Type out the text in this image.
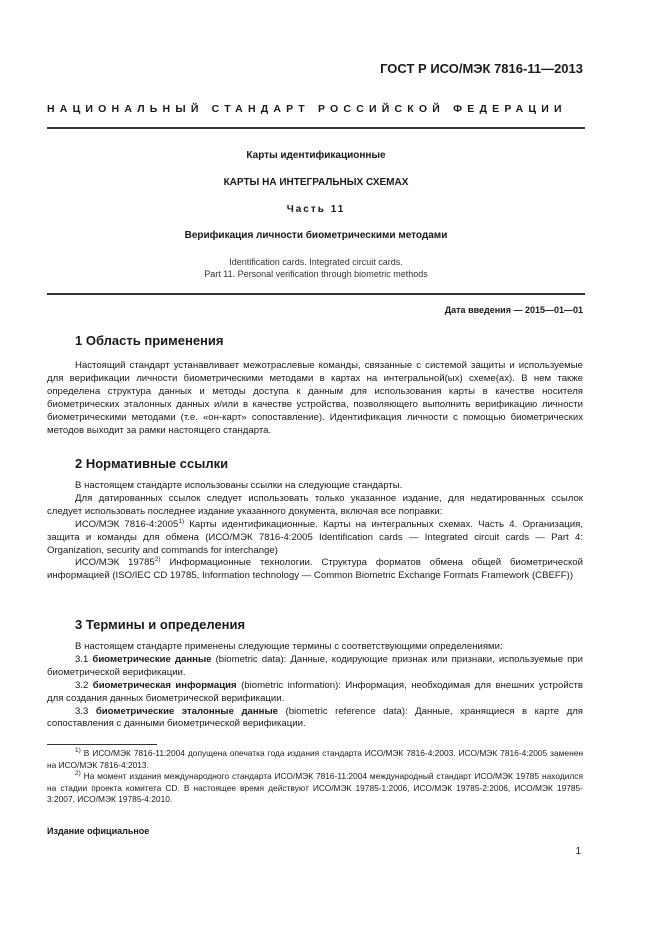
ГОСТ Р ИСО/МЭК 7816-11—2013
НАЦИОНАЛЬНЫЙ СТАНДАРТ РОССИЙСКОЙ ФЕДЕРАЦИИ
Карты идентификационные
КАРТЫ НА ИНТЕГРАЛЬНЫХ СХЕМАХ
Часть 11
Верификация личности биометрическими методами
Identification cards. Integrated circuit cards.
Part 11. Personal verification through biometric methods
Дата введения — 2015—01—01
1 Область применения

Настоящий стандарт устанавливает межотраслевые команды, связанные с системой защиты и используемые для верификации личности биометрическими методами в картах на интегральной(ых) схеме(ах). В нем также определена структура данных и методы доступа к данным для использования карты в качестве носителя биометрических эталонных данных и/или в качестве устройства, позволяющего выполнить верификацию личности биометрическими методами (т.е. «он-карт» сопоставление). Идентификация личности с помощью биометрических методов выходит за рамки настоящего стандарта.

2 Нормативные ссылки

В настоящем стандарте использованы ссылки на следующие стандарты.

Для датированных ссылок следует использовать только указанное издание, для недатированных ссылок следует использовать последнее издание указанного документа, включая все поправки:

ИСО/МЭК 7816-4:2005$^{1)}$ Карты идентификационные. Карты на интегральных схемах. Часть 4. Организация, защита и команды для обмена (ИСО/МЭК 7816-4:2005 Identification cards — Integrated circuit cards — Part 4: Organization, security and commands for interchange)

ИСО/МЭК 19785$^{2)}$ Информационные технологии. Структура форматов обмена общей биометрической информацией (ISO/IEC CD 19785, Information technology — Common Biometric Exchange Formats Framework (CBEFF))

3 Термины и определения

В настоящем стандарте применены следующие термины с соответствующими определениями:

3.1 биометрические данные (biometric data): Данные, кодирующие признак или признаки, используемые при биометрической верификации.

3.2 биометрическая информация (biometric information): Информация, необходимая для внешних устройств для создания данных биометрической верификации.

3.3 биометрические эталонные данные (biometric reference data): Данные, хранящиеся в карте для сопоставления с данными биометрической верификации.

$^{1)}$ В ИСО/МЭК 7816-11:2004 допущена опечатка года издания стандарта ИСО/МЭК 7816-4:2003. ИСО/МЭК 7816-4:2005 заменен на ИСО/МЭК 7816-4:2013.

$^{2)}$ На момент издания международного стандарта ИСО/МЭК 7816-11:2004 международный стандарт ИСО/МЭК 19785 находился на стадии проекта комитета CD. В настоящее время действуют ИСО/МЭК 19785-1:2006, ИСО/МЭК 19785-2:2006, ИСО/МЭК 19785-3:2007, ИСО/МЭК 19785-4:2010.

Издание официальное
1
